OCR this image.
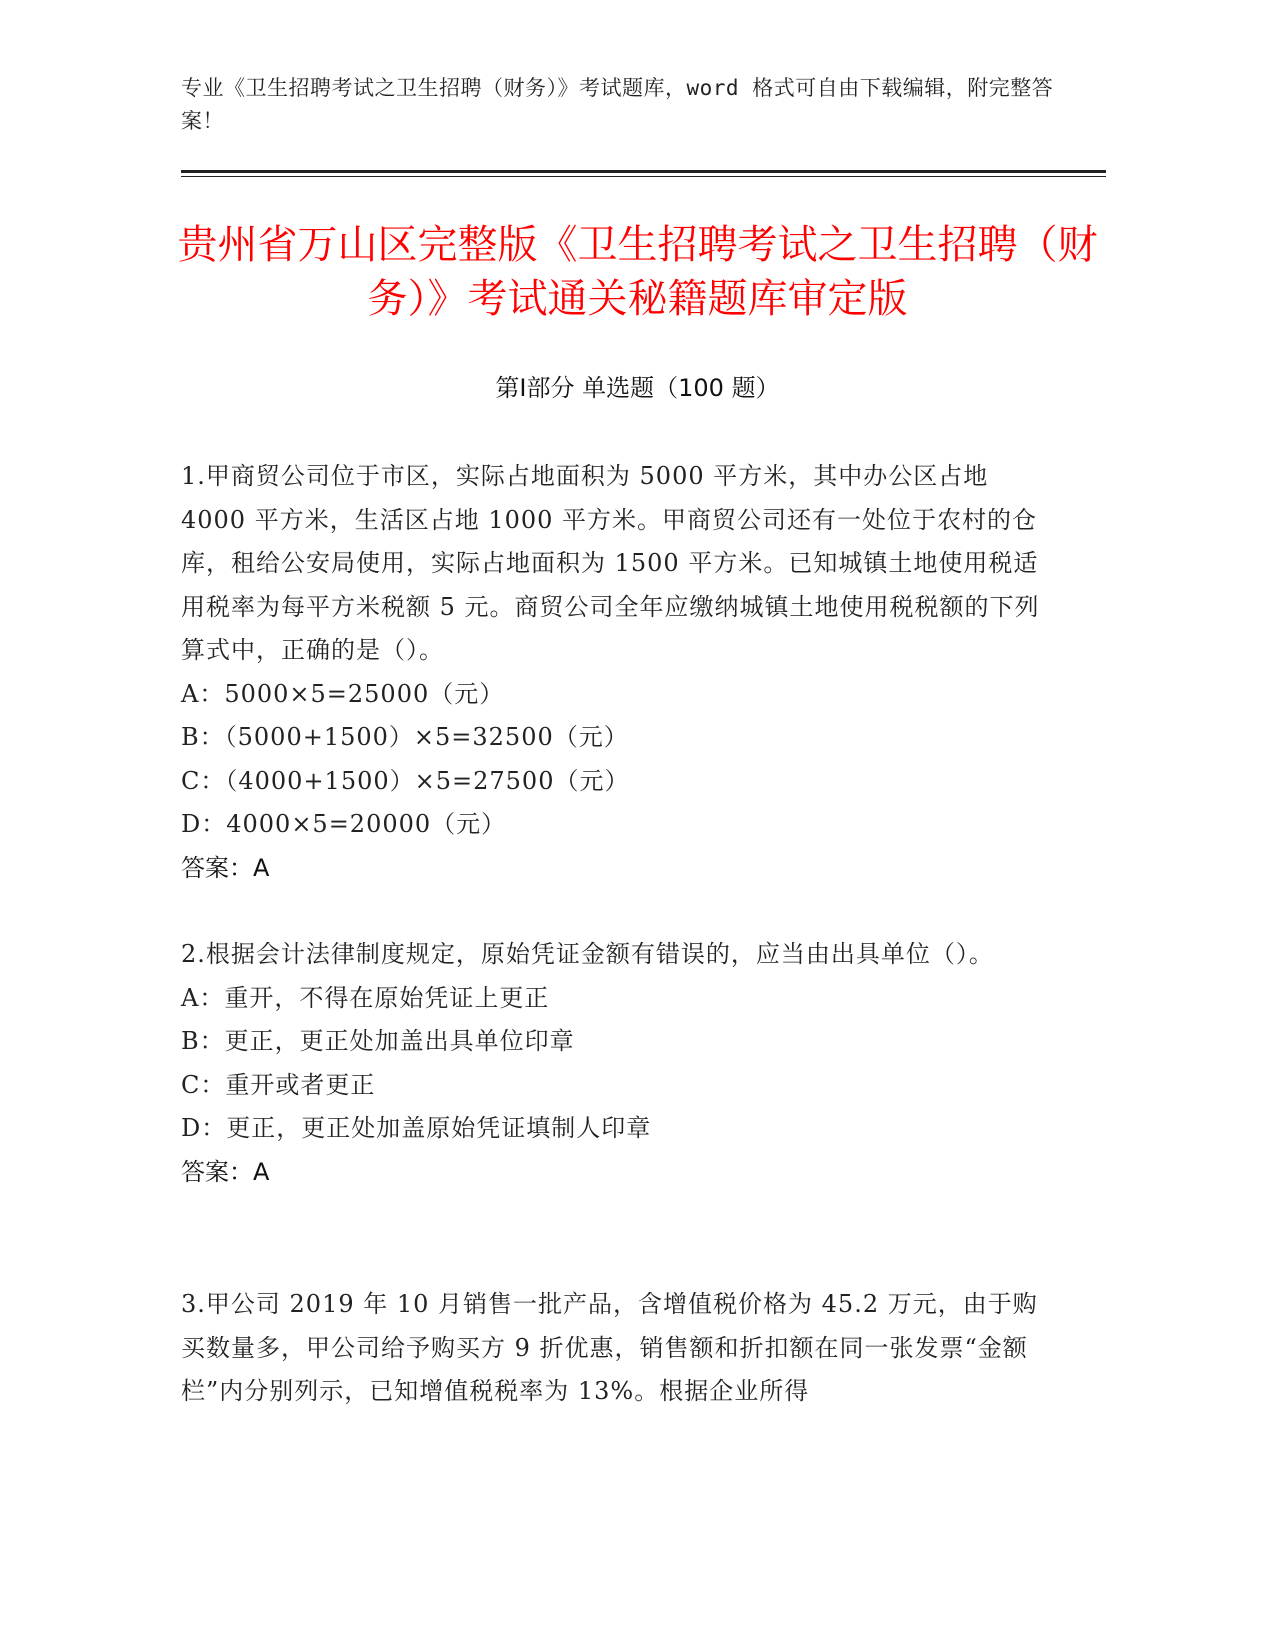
专业《卫生招聘考试之卫生招聘（财务）》考试题库，word 格式可自由下载编辑，附完整答案！
贵州省万山区完整版《卫生招聘考试之卫生招聘（财务）》考试通关秘籍题库审定版
第Ⅰ部分 单选题（100 题）

1.甲商贸公司位于市区，实际占地面积为 5000 平方米，其中办公区占地 4000 平方米，生活区占地 1000 平方米。甲商贸公司还有一处位于农村的仓库，租给公安局使用，实际占地面积为 1500 平方米。已知城镇土地使用税适用税率为每平方米税额 5 元。商贸公司全年应缴纳城镇土地使用税税额的下列算式中，正确的是（）。

A：5000×5=25000（元）

B：（5000+1500）×5=32500（元）

C：（4000+1500）×5=27500（元）

D：4000×5=20000（元）

答案：A

2.根据会计法律制度规定，原始凭证金额有错误的，应当由出具单位（）。

A：重开，不得在原始凭证上更正

B：更正，更正处加盖出具单位印章

C：重开或者更正

D：更正，更正处加盖原始凭证填制人印章

答案：A

3.甲公司 2019 年 10 月销售一批产品，含增值税价格为 45.2 万元，由于购买数量多，甲公司给予购买方 9 折优惠，销售额和折扣额在同一张发票“金额栏”内分别列示，已知增值税税率为 13%。根据企业所得
